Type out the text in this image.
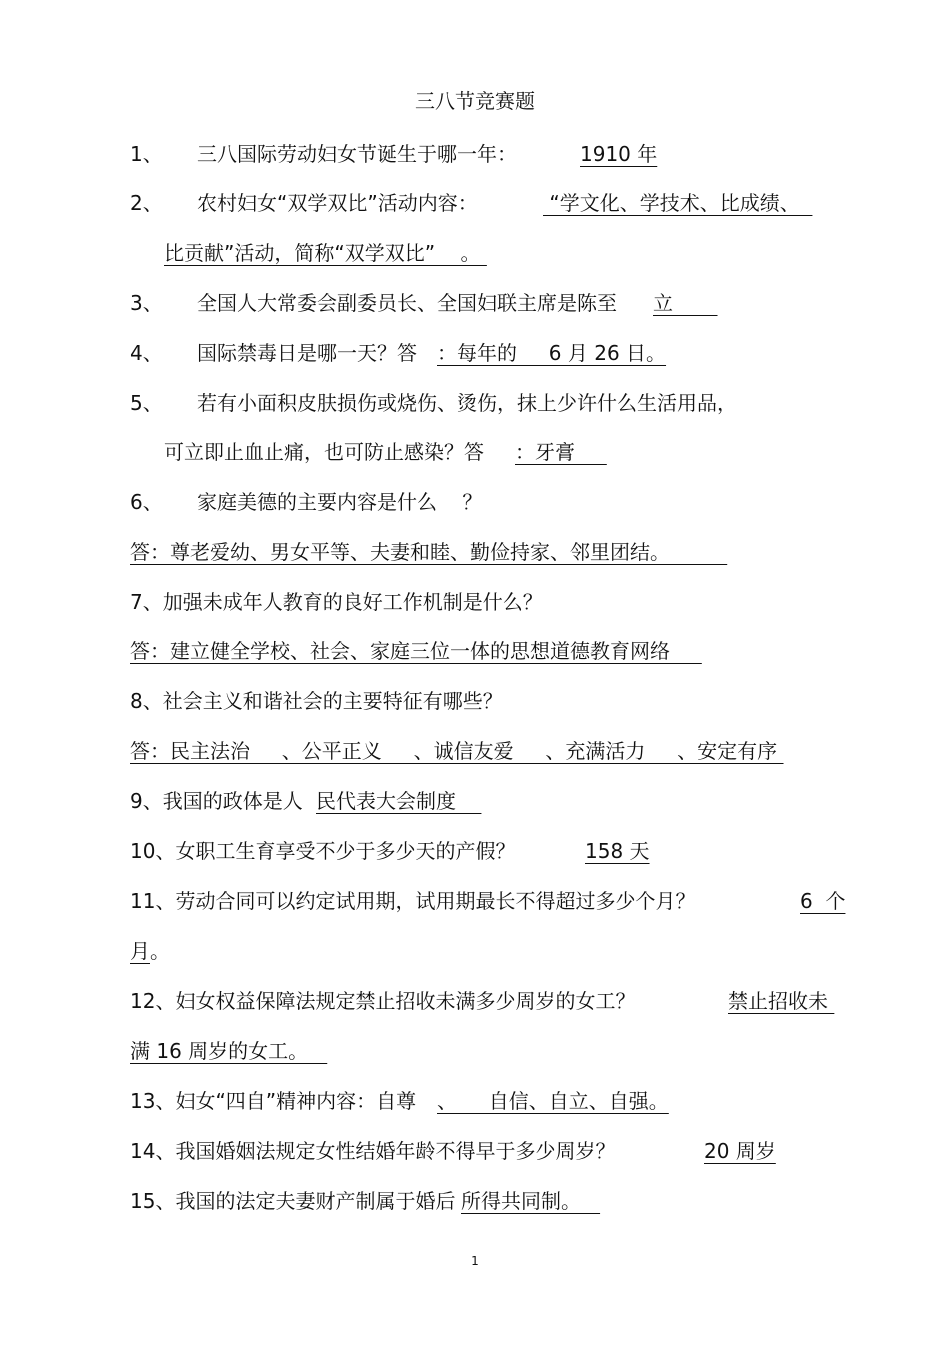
三八节竞赛题
1、 三八国际劳动妇女节诞生于哪一年：	1910 年
2、 农村妇女“双学双比”活动内容：	“学文化、学技术、比成绩、
比贡献”活动，简称“双学双比”    。
3、 全国人大常委会副委员长、全国妇联主席是陈至 立
4、 国际禁毒日是哪一天？答 ：每年的     6 月 26 日。
5、 若有小面积皮肤损伤或烧伤、烫伤，抹上少许什么生活用品，
可立即止血止痛，也可防止感染？答 ：牙膏
6、 家庭美德的主要内容是什么    ？
答：尊老爱幼、男女平等、夫妻和睦、勤俭持家、邻里团结。
7、加强未成年人教育的良好工作机制是什么？
答：建立健全学校、社会、家庭三位一体的思想道德教育网络
8、社会主义和谐社会的主要特征有哪些？
答：民主法治     、公平正义     、诚信友爱     、充满活力     、安定有序
9、我国的政体是人 民代表大会制度
10、女职工生育享受不少于多少天的产假？	158 天
11、劳动合同可以约定试用期，试用期最长不得超过多少个月？	6  个
月 。
12、妇女权益保障法规定禁止招收未满多少周岁的女工？	禁止招收未
满 16 周岁的女工。
13、妇女“四自”精神内容：自尊 、     自信、自立、自强。
14、我国婚姻法规定女性结婚年龄不得早于多少周岁？	20 周岁
15、我国的法定夫妻财产制属于婚后 所得共同制。
1
